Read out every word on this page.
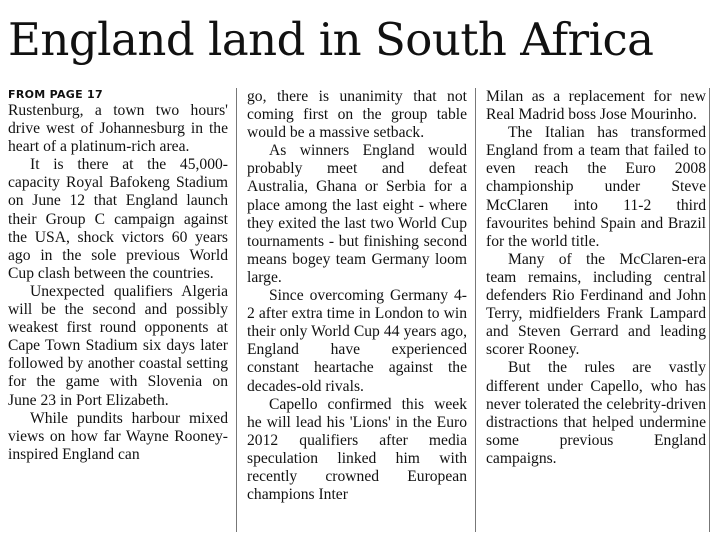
England land in South Africa
FROM PAGE 17

Rustenburg, a town two hours' drive west of Johannesburg in the heart of a platinum-rich area.

It is there at the 45,000-capacity Royal Bafokeng Stadium on June 12 that England launch their Group C campaign against the USA, shock victors 60 years ago in the sole previous World Cup clash between the countries.

Unexpected qualifiers Algeria will be the second and possibly weakest first round opponents at Cape Town Stadium six days later followed by another coastal setting for the game with Slovenia on June 23 in Port Elizabeth.

While pundits harbour mixed views on how far Wayne Rooney-inspired England can

go, there is unanimity that not coming first on the group table would be a massive setback.

As winners England would probably meet and defeat Australia, Ghana or Serbia for a place among the last eight - where they exited the last two World Cup tournaments - but finishing second means bogey team Germany loom large.

Since overcoming Germany 4-2 after extra time in London to win their only World Cup 44 years ago, England have experienced constant heartache against the decades-old rivals.

Capello confirmed this week he will lead his 'Lions' in the Euro 2012 qualifiers after media speculation linked him with recently crowned European champions Inter

Milan as a replacement for new Real Madrid boss Jose Mourinho.

The Italian has transformed England from a team that failed to even reach the Euro 2008 championship under Steve McClaren into 11-2 third favourites behind Spain and Brazil for the world title.

Many of the McClaren-era team remains, including central defenders Rio Ferdinand and John Terry, midfielders Frank Lampard and Steven Gerrard and leading scorer Rooney.

But the rules are vastly different under Capello, who has never tolerated the celebrity-driven distractions that helped undermine some previous England campaigns.
